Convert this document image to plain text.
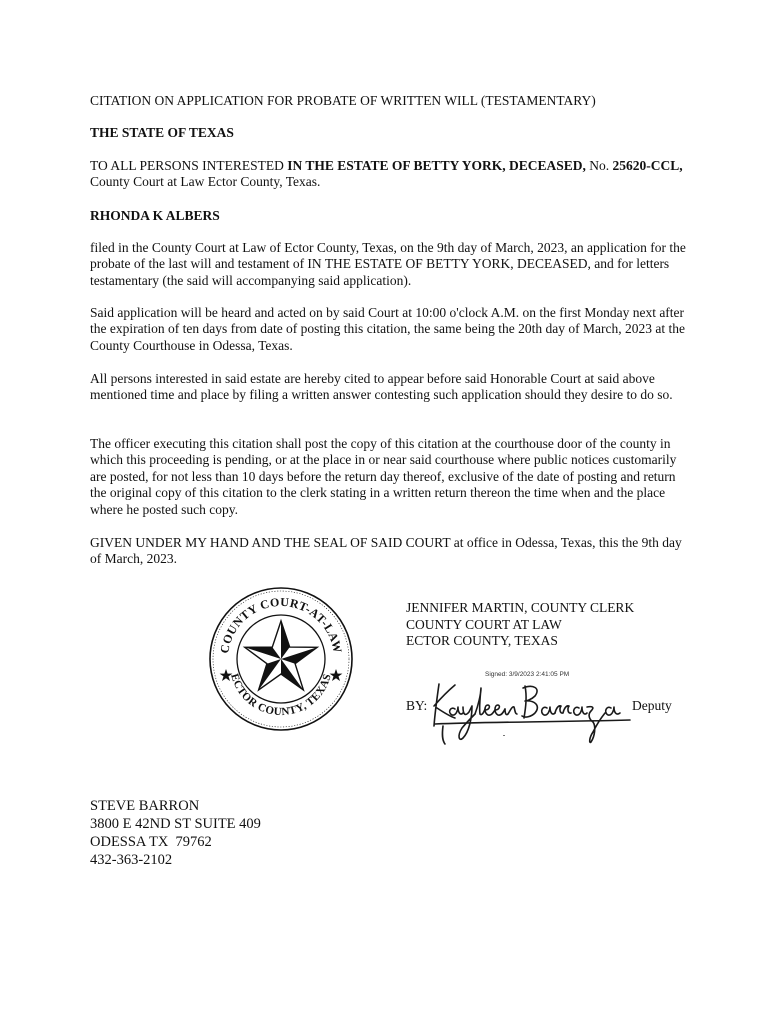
CITATION ON APPLICATION FOR PROBATE OF WRITTEN WILL (TESTAMENTARY)

THE STATE OF TEXAS

TO ALL PERSONS INTERESTED IN THE ESTATE OF BETTY YORK, DECEASED, No. 25620-CCL, County Court at Law Ector County, Texas.

RHONDA K ALBERS

filed in the County Court at Law of Ector County, Texas, on the 9th day of March, 2023, an application for the probate of the last will and testament of IN THE ESTATE OF BETTY YORK, DECEASED, and for letters testamentary (the said will accompanying said application).

Said application will be heard and acted on by said Court at 10:00 o'clock A.M. on the first Monday next after the expiration of ten days from date of posting this citation, the same being the 20th day of March, 2023 at the County Courthouse in Odessa, Texas.

All persons interested in said estate are hereby cited to appear before said Honorable Court at said above mentioned time and place by filing a written answer contesting such application should they desire to do so.

The officer executing this citation shall post the copy of this citation at the courthouse door of the county in which this proceeding is pending, or at the place in or near said courthouse where public notices customarily are posted, for not less than 10 days before the return day thereof, exclusive of the date of posting and return the original copy of this citation to the clerk stating in a written return thereon the time when and the place where he posted such copy.

GIVEN UNDER MY HAND AND THE SEAL OF SAID COURT at office in Odessa, Texas, this the 9th day of March, 2023.

COUNTY COURT-AT-LAW
ECTOR COUNTY, TEXAS
JENNIFER MARTIN, COUNTY CLERK
COUNTY COURT AT LAW
ECTOR COUNTY, TEXAS
Signed: 3/9/2023 2:41:05 PM
BY:	Deputy
STEVE BARRON
3800 E 42ND ST SUITE 409
ODESSA TX  79762
432-363-2102
